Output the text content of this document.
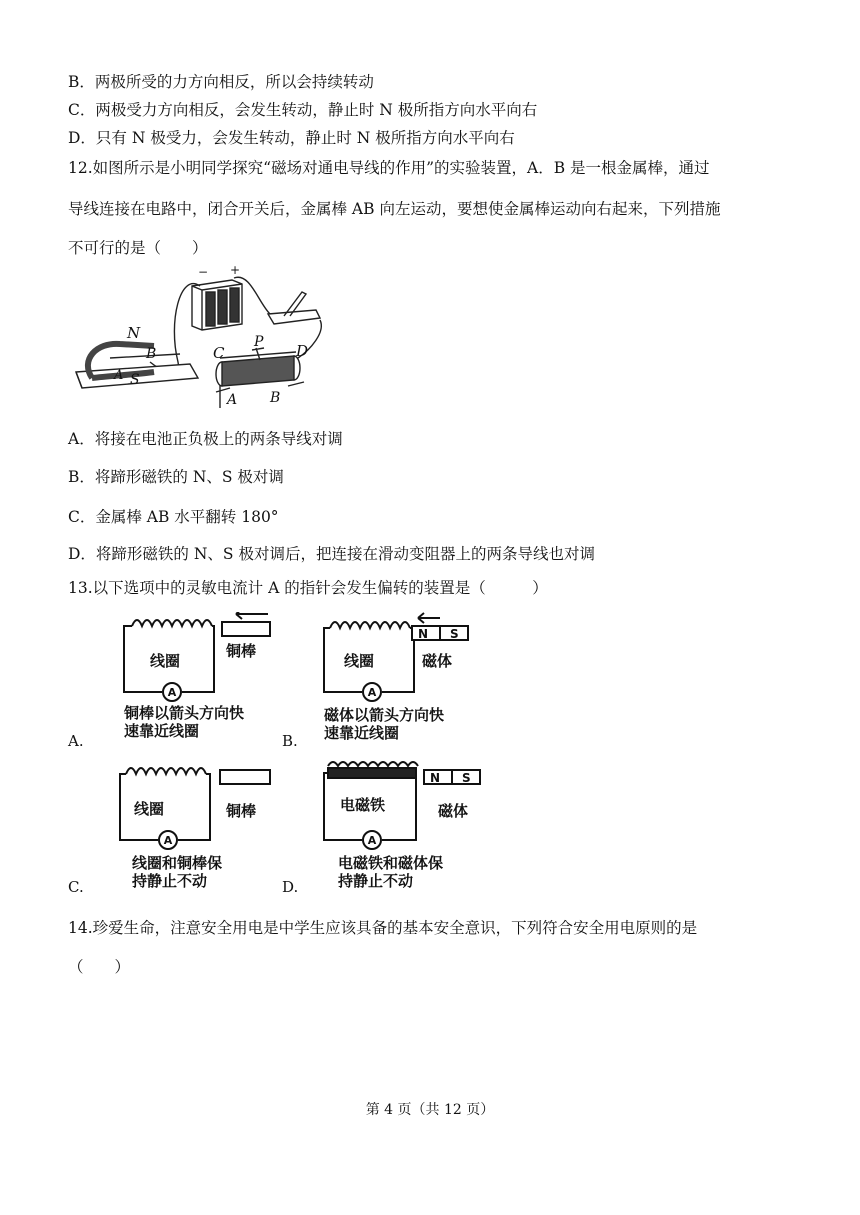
B．两极所受的力方向相反，所以会持续转动
C．两极受力方向相反，会发生转动，静止时 N 极所指方向水平向右
D．只有 N 极受力，会发生转动，静止时 N 极所指方向水平向右
12.如图所示是小明同学探究“磁场对通电导线的作用”的实验装置，A．B 是一根金属棒，通过
导线连接在电路中，闭合开关后，金属棒 AB 向左运动，要想使金属棒运动向右起来，下列措施
不可行的是（　　）
N
B
S
A
C
P D
A B
− +
A．将接在电池正负极上的两条导线对调
B．将蹄形磁铁的 N、S 极对调
C．金属棒 AB 水平翻转 180°
D．将蹄形磁铁的 N、S 极对调后，把连接在滑动变阻器上的两条导线也对调
13.以下选项中的灵敏电流计 A 的指针会发生偏转的装置是（　　　）
A.
A
线圈
铜棒
铜棒以箭头方向快
速靠近线圈
B.
A
N S
线圈	磁体
磁体以箭头方向快
速靠近线圈
C.
A
线圈	铜棒
线圈和铜棒保
持静止不动	D.
A
N S
电磁铁	磁体
电磁铁和磁体保
持静止不动
14.珍爱生命，注意安全用电是中学生应该具备的基本安全意识，下列符合安全用电原则的是
（　　）
第 4 页（共 12 页）
